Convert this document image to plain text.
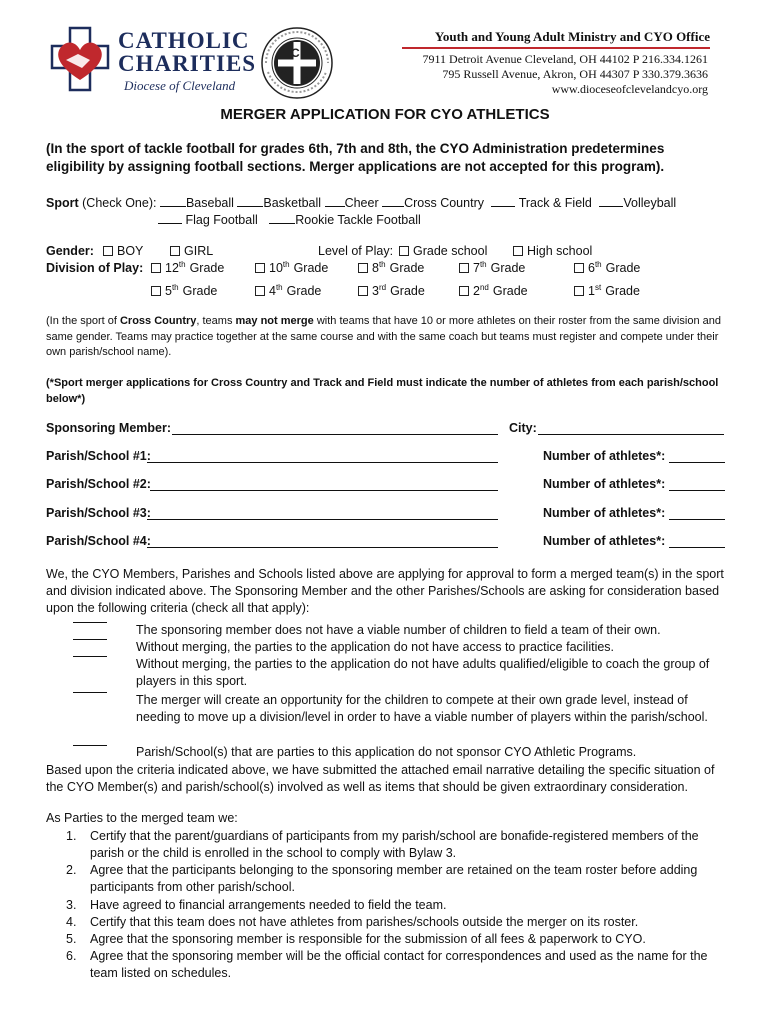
CATHOLIC
CHARITIES
Diocese of Cleveland
C
Y O
Youth and Young Adult Ministry and CYO Office
7911 Detroit Avenue Cleveland, OH 44102 P 216.334.1261
795 Russell Avenue, Akron, OH 44307 P 330.379.3636
www.dioceseofclevelandcyo.org
MERGER APPLICATION FOR CYO ATHLETICS
(In the sport of tackle football for grades 6th, 7th and 8th, the CYO Administration predetermines eligibility by assigning football sections. Merger applications are not accepted for this program).
Sport (Check One): Baseball Basketball Cheer Cross Country	Track & Field	Volleyball
Flag Football	Rookie Tackle Football
Gender:	BOY	GIRL	Level of Play:	Grade school	High school
Division of Play:	12th Grade	10th Grade	8th Grade	7th Grade	6th Grade
5th Grade	4th Grade	3rd Grade	2nd Grade	1st Grade
(In the sport of Cross Country, teams may not merge with teams that have 10 or more athletes on their roster from the same division and same gender. Teams may practice together at the same course and with the same coach but teams must register and compete under their own parish/school name).
(*Sport merger applications for Cross Country and Track and Field must indicate the number of athletes from each parish/school below*)
Sponsoring Member:	City:
Parish/School #1:	Number of athletes*:
Parish/School #2:	Number of athletes*:
Parish/School #3:	Number of athletes*:
Parish/School #4:	Number of athletes*:
We, the CYO Members, Parishes and Schools listed above are applying for approval to form a merged team(s) in the sport and division indicated above. The Sponsoring Member and the other Parishes/Schools are asking for consideration based upon the following criteria (check all that apply):
The sponsoring member does not have a viable number of children to field a team of their own.
Without merging, the parties to the application do not have access to practice facilities.
Without merging, the parties to the application do not have adults qualified/eligible to coach the group of players in this sport.
The merger will create an opportunity for the children to compete at their own grade level, instead of needing to move up a division/level in order to have a viable number of players within the parish/school.
Parish/School(s) that are parties to this application do not sponsor CYO Athletic Programs.
Based upon the criteria indicated above, we have submitted the attached email narrative detailing the specific situation of the CYO Member(s) and parish/school(s) involved as well as items that should be given extraordinary consideration.
As Parties to the merged team we:
1. Certify that the parent/guardians of participants from my parish/school are bonafide-registered members of the parish or the child is enrolled in the school to comply with Bylaw 3.
2. Agree that the participants belonging to the sponsoring member are retained on the team roster before adding participants from other parish/school.
3. Have agreed to financial arrangements needed to field the team.
4. Certify that this team does not have athletes from parishes/schools outside the merger on its roster.
5. Agree that the sponsoring member is responsible for the submission of all fees & paperwork to CYO.
6. Agree that the sponsoring member will be the official contact for correspondences and used as the name for the team listed on schedules.
